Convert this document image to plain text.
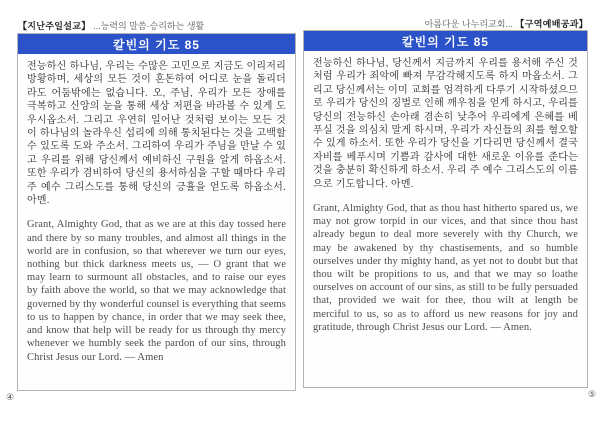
【지난주일설교】 ...능력의 말씀·승리하는 생활	아름다운 나누리교회... 【구역예배공과】
칼빈의 기도 85
전능하신 하나님, 우리는 수많은 고민으로 지금도 이리저리 방황하며, 세상의 모든 것이 혼돈하여 어디로 눈을 돌리더라도 어둠밖에는 없습니다. 오, 주님, 우리가 모든 장애를 극복하고 신앙의 눈을 통해 세상 저편을 바라볼 수 있게 도우시옵소서. 그리고 우연히 일어난 것처럼 보이는 모든 것이 하나님의 놀라우신 섭리에 의해 통치된다는 것을 고백할 수 있도록 도와 주소서. 그리하여 우리가 주님을 만날 수 있고 우리를 위해 당신께서 예비하신 구원을 알게 하옵소서. 또한 우리가 겸비하여 당신의 용서하심을 구할 때마다 우리 주 예수 그리스도를 통해 당신의 긍휼을 얻도록 하옵소서. 아멘.
Grant, Almighty God, that as we are at this day tossed here and there by so many troubles, and almost all things in the world are in confusion, so that wherever we turn our eyes, nothing but thick darkness meets us, — O grant that we may learn to surmount all obstacles, and to raise our eyes by faith above the world, so that we may acknowledge that governed by thy wonderful counsel is everything that seems to us to happen by chance, in order that we may seek thee, and know that help will be ready for us through thy mercy whenever we humbly seek the pardon of our sins, through Christ Jesus our Lord. — Amen
칼빈의 기도 85
전능하신 하나님, 당신께서 지금까지 우리를 용서해 주신 것처럼 우리가 죄악에 빠져 무감각해지도록 하지 마옵소서. 그리고 당신께서는 이미 교회를 엄격하게 다루기 시작하셨으므로 우리가 당신의 징벌로 인해 깨우침을 얻게 하시고, 우리를 당신의 전능하신 손아래 겸손히 낮추어 우리에게 은혜를 베푸실 것을 의심치 말게 하시며, 우리가 자신들의 죄를 혐오할 수 있게 하소서. 또한 우리가 당신을 기다리면 당신께서 결국 자비를 베푸시며 기쁨과 감사에 대한 새로운 이유를 준다는 것을 충분히 확신하게 하소서. 우리 주 예수 그리스도의 이름으로 기도합니다. 아멘.
Grant, Almighty God, that as thou hast hitherto spared us, we may not grow torpid in our vices, and that since thou hast already begun to deal more severely with thy Church, we may be awakened by thy chastisements, and so humble ourselves under thy mighty hand, as yet not to doubt but that thou wilt be propitions to us, and that we may so loathe ourselves on account of our sins, as still to be fully persuaded that, provided we wait for thee, thou wilt at length be merciful to us, so as to afford us new reasons for joy and gratitude, through Christ Jesus our Lord. — Amen.
④	⑤
